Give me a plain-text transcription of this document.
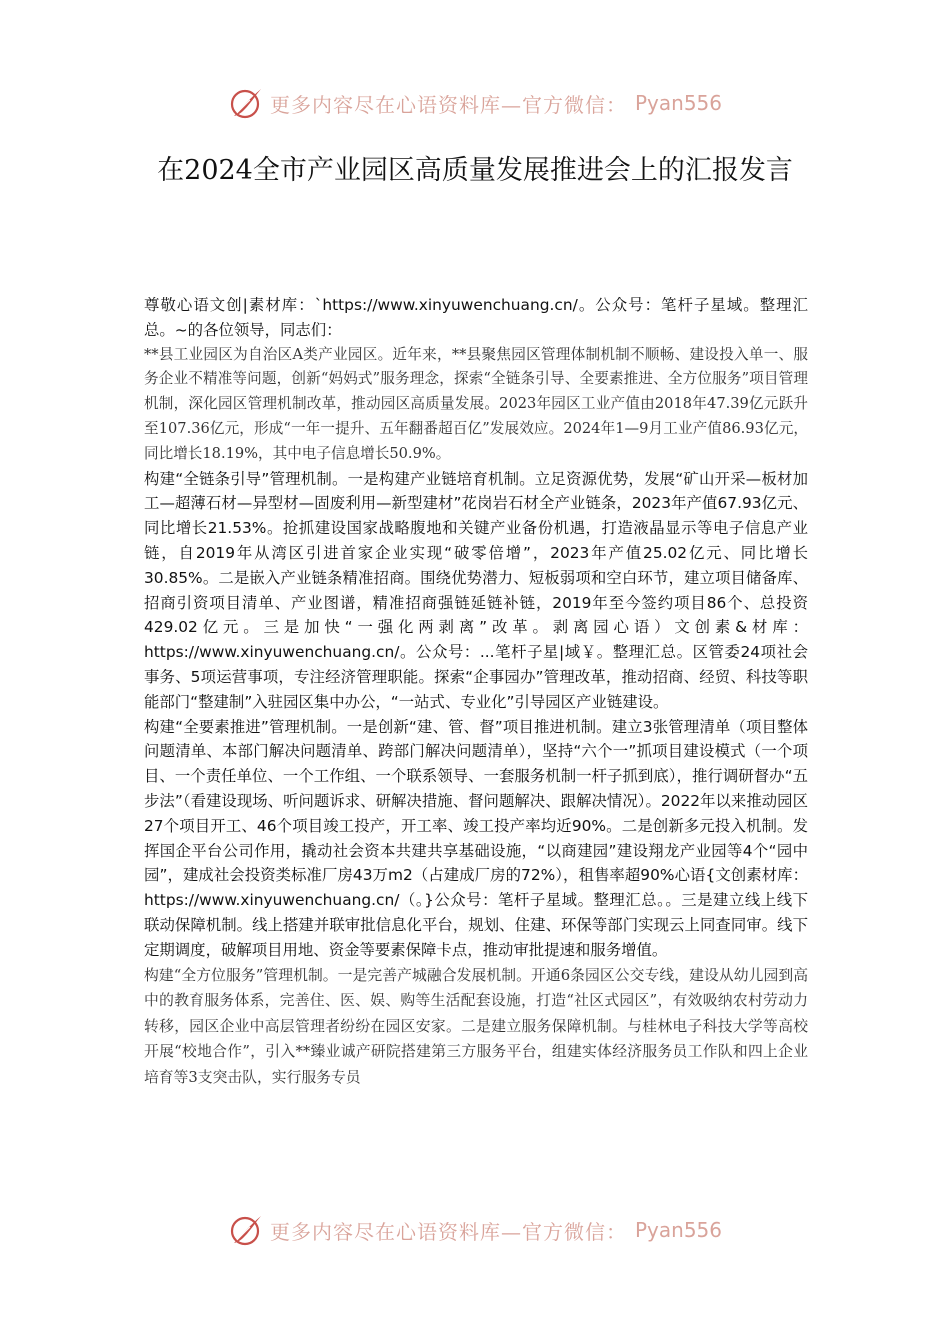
更多内容尽在心语资料库—官方微信： Pyan556
在2024全市产业园区高质量发展推进会上的汇报发言

尊敬心语文创|素材库：`https://www.xinyuwenchuang.cn/。公众号：笔杆子星域。整理汇总。~的各位领导，同志们：

**县工业园区为自治区A类产业园区。近年来，**县聚焦园区管理体制机制不顺畅、建设投入单一、服务企业不精准等问题，创新“妈妈式”服务理念，探索“全链条引导、全要素推进、全方位服务”项目管理机制，深化园区管理机制改革，推动园区高质量发展。2023年园区工业产值由2018年47.39亿元跃升至107.36亿元，形成“一年一提升、五年翻番超百亿”发展效应。2024年1—9月工业产值86.93亿元，同比增长18.19%，其中电子信息增长50.9%。

构建“全链条引导”管理机制。一是构建产业链培育机制。立足资源优势，发展“矿山开采—板材加工—超薄石材—异型材—固废利用—新型建材”花岗岩石材全产业链条，2023年产值67.93亿元、同比增长21.53%。抢抓建设国家战略腹地和关键产业备份机遇，打造液晶显示等电子信息产业链，自2019年从湾区引进首家企业实现“破零倍增”，2023年产值25.02亿元、同比增长30.85%。二是嵌入产业链条精准招商。围绕优势潜力、短板弱项和空白环节，建立项目储备库、招商引资项目清单、产业图谱，精准招商强链延链补链，2019年至今签约项目86个、总投资429.02亿元。三是加快“一强化两剥离”改革。剥离园心语）文创素&材库：https://www.xinyuwenchuang.cn/。公众号：...笔杆子星|域￥。整理汇总。区管委24项社会事务、5项运营事项，专注经济管理职能。探索“企事园办”管理改革，推动招商、经贸、科技等职能部门“整建制”入驻园区集中办公，“一站式、专业化”引导园区产业链建设。

构建“全要素推进”管理机制。一是创新“建、管、督”项目推进机制。建立3张管理清单（项目整体问题清单、本部门解决问题清单、跨部门解决问题清单），坚持“六个一”抓项目建设模式（一个项目、一个责任单位、一个工作组、一个联系领导、一套服务机制一杆子抓到底），推行调研督办“五步法”（看建设现场、听问题诉求、研解决措施、督问题解决、跟解决情况）。2022年以来推动园区27个项目开工、46个项目竣工投产，开工率、竣工投产率均近90%。二是创新多元投入机制。发挥国企平台公司作用，撬动社会资本共建共享基础设施，“以商建园”建设翔龙产业园等4个“园中园”，建成社会投资类标准厂房43万m2（占建成厂房的72%），租售率超90%心语{文创素材库：https://www.xinyuwenchuang.cn/（。}公众号：笔杆子星域。整理汇总。。三是建立线上线下联动保障机制。线上搭建并联审批信息化平台，规划、住建、环保等部门实现云上同查同审。线下定期调度，破解项目用地、资金等要素保障卡点，推动审批提速和服务增值。

构建“全方位服务”管理机制。一是完善产城融合发展机制。开通6条园区公交专线，建设从幼儿园到高中的教育服务体系，完善住、医、娱、购等生活配套设施，打造“社区式园区”，有效吸纳农村劳动力转移，园区企业中高层管理者纷纷在园区安家。二是建立服务保障机制。与桂林电子科技大学等高校开展“校地合作”，引入**臻业诚产研院搭建第三方服务平台，组建实体经济服务员工作队和四上企业培育等3支突击队，实行服务专员

更多内容尽在心语资料库—官方微信： Pyan556
